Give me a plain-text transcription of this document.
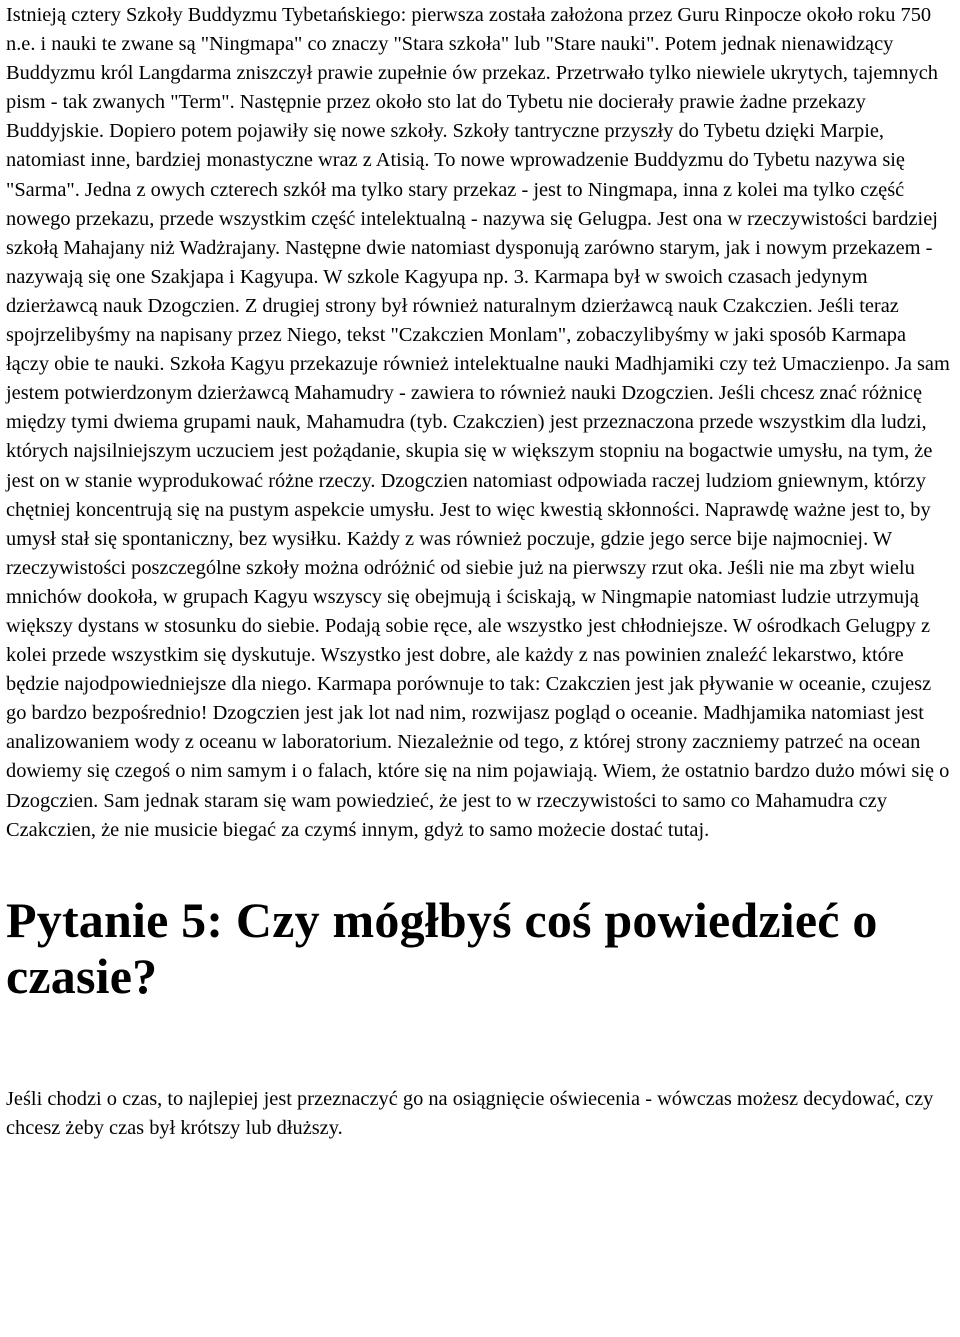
Istnieją cztery Szkoły Buddyzmu Tybetańskiego: pierwsza została założona przez Guru Rinpocze około roku 750 n.e. i nauki te zwane są "Ningmapa" co znaczy "Stara szkoła" lub "Stare nauki". Potem jednak nienawidzący Buddyzmu król Langdarma zniszczył prawie zupełnie ów przekaz. Przetrwało tylko niewiele ukrytych, tajemnych pism - tak zwanych "Term". Następnie przez około sto lat do Tybetu nie docierały prawie żadne przekazy Buddyjskie. Dopiero potem pojawiły się nowe szkoły. Szkoły tantryczne przyszły do Tybetu dzięki Marpie, natomiast inne, bardziej monastyczne wraz z Atisią. To nowe wprowadzenie Buddyzmu do Tybetu nazywa się "Sarma". Jedna z owych czterech szkół ma tylko stary przekaz - jest to Ningmapa, inna z kolei ma tylko część nowego przekazu, przede wszystkim część intelektualną - nazywa się Gelugpa. Jest ona w rzeczywistości bardziej szkołą Mahajany niż Wadżrajany. Następne dwie natomiast dysponują zarówno starym, jak i nowym przekazem - nazywają się one Szakjapa i Kagyupa. W szkole Kagyupa np. 3. Karmapa był w swoich czasach jedynym dzierżawcą nauk Dzogczien. Z drugiej strony był również naturalnym dzierżawcą nauk Czakczien. Jeśli teraz spojrzelibyśmy na napisany przez Niego, tekst "Czakczien Monlam", zobaczylibyśmy w jaki sposób Karmapa łączy obie te nauki. Szkoła Kagyu przekazuje również intelektualne nauki Madhjamiki czy też Umaczienpo. Ja sam jestem potwierdzonym dzierżawcą Mahamudry - zawiera to również nauki Dzogczien. Jeśli chcesz znać różnicę między tymi dwiema grupami nauk, Mahamudra (tyb. Czakczien) jest przeznaczona przede wszystkim dla ludzi, których najsilniejszym uczuciem jest pożądanie, skupia się w większym stopniu na bogactwie umysłu, na tym, że jest on w stanie wyprodukować różne rzeczy. Dzogczien natomiast odpowiada raczej ludziom gniewnym, którzy chętniej koncentrują się na pustym aspekcie umysłu. Jest to więc kwestią skłonności. Naprawdę ważne jest to, by umysł stał się spontaniczny, bez wysiłku. Każdy z was również poczuje, gdzie jego serce bije najmocniej. W rzeczywistości poszczególne szkoły można odróżnić od siebie już na pierwszy rzut oka. Jeśli nie ma zbyt wielu mnichów dookoła, w grupach Kagyu wszyscy się obejmują i ściskają, w Ningmapie natomiast ludzie utrzymują większy dystans w stosunku do siebie. Podają sobie ręce, ale wszystko jest chłodniejsze. W ośrodkach Gelugpy z kolei przede wszystkim się dyskutuje. Wszystko jest dobre, ale każdy z nas powinien znaleźć lekarstwo, które będzie najodpowiedniejsze dla niego. Karmapa porównuje to tak: Czakczien jest jak pływanie w oceanie, czujesz go bardzo bezpośrednio! Dzogczien jest jak lot nad nim, rozwijasz pogląd o oceanie. Madhjamika natomiast jest analizowaniem wody z oceanu w laboratorium. Niezależnie od tego, z której strony zaczniemy patrzeć na ocean dowiemy się czegoś o nim samym i o falach, które się na nim pojawiają. Wiem, że ostatnio bardzo dużo mówi się o Dzogczien. Sam jednak staram się wam powiedzieć, że jest to w rzeczywistości to samo co Mahamudra czy Czakczien, że nie musicie biegać za czymś innym, gdyż to samo możecie dostać tutaj.

Pytanie 5: Czy mógłbyś coś powiedzieć o czasie?

Jeśli chodzi o czas, to najlepiej jest przeznaczyć go na osiągnięcie oświecenia - wówczas możesz decydować, czy chcesz żeby czas był krótszy lub dłuższy.
